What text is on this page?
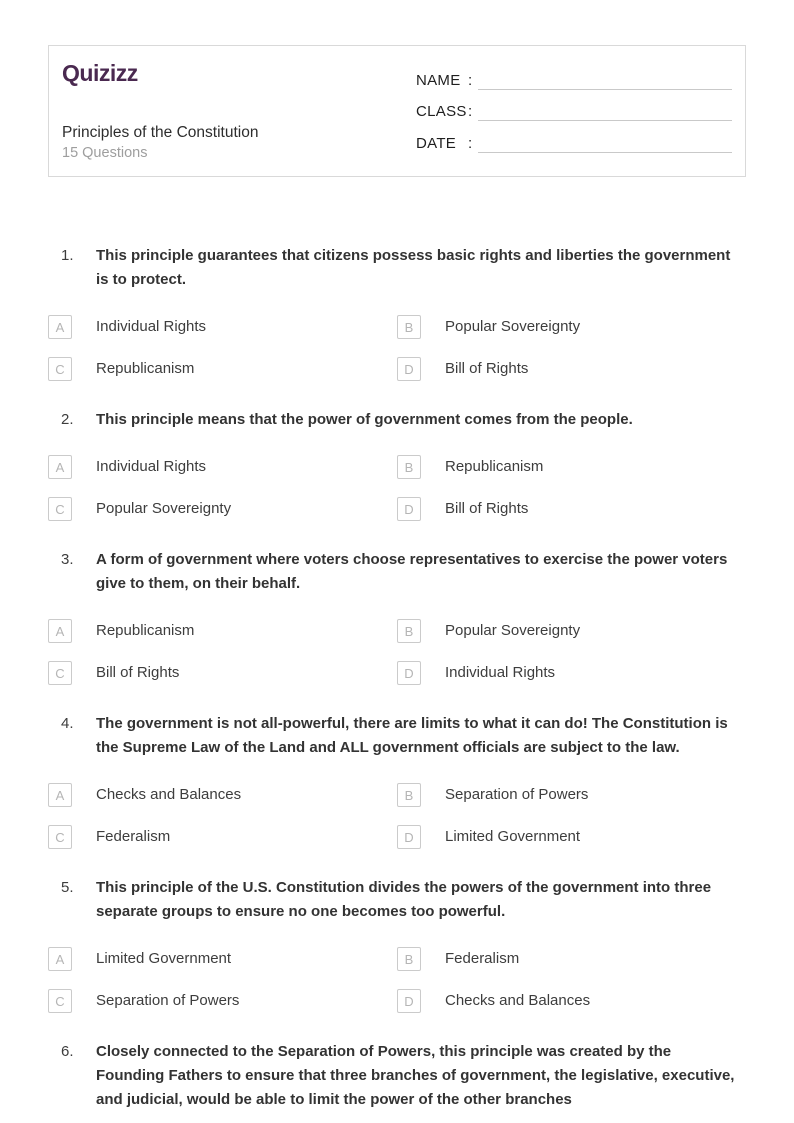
Quizizz
Principles of the Constitution
15 Questions
NAME :
CLASS :
DATE :
1.	This principle guarantees that citizens possess basic rights and liberties the government is to protect.
A Individual Rights	B Popular Sovereignty
C Republicanism	D Bill of Rights
2.	This principle means that the power of government comes from the people.
A Individual Rights	B Republicanism
C Popular Sovereignty	D Bill of Rights
3.	A form of government where voters choose representatives to exercise the power voters give to them, on their behalf.
A Republicanism	B Popular Sovereignty
C Bill of Rights	D Individual Rights
4.	The government is not all-powerful, there are limits to what it can do! The Constitution is the Supreme Law of the Land and ALL government officials are subject to the law.
A Checks and Balances	B Separation of Powers
C Federalism	D Limited Government
5.	This principle of the U.S. Constitution divides the powers of the government into three separate groups to ensure no one becomes too powerful.
A Limited Government	B Federalism
C Separation of Powers	D Checks and Balances
6.	Closely connected to the Separation of Powers, this principle was created by the Founding Fathers to ensure that three branches of government, the legislative, executive, and judicial, would be able to limit the power of the other branches
